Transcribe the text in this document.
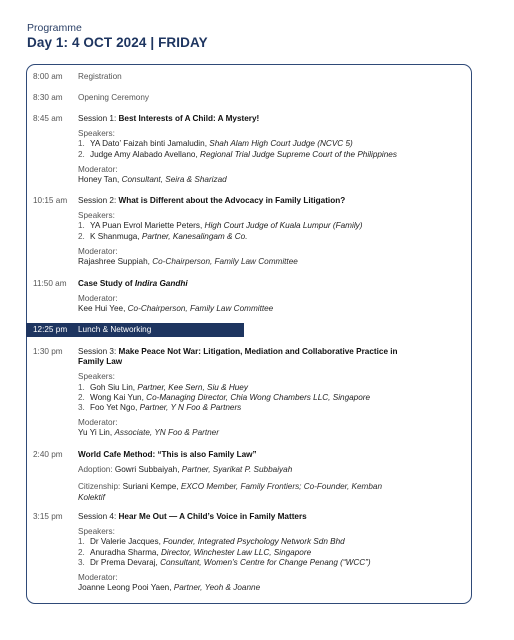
Programme
Day 1: 4 OCT 2024 | FRIDAY
8:00 am	Registration
8:30 am	Opening Ceremony
8:45 am	Session 1: Best Interests of A Child: A Mystery!
Speakers:
1. YA Dato’ Faizah binti Jamaludin, Shah Alam High Court Judge (NCVC 5)
2. Judge Amy Alabado Avellano, Regional Trial Judge Supreme Court of the Philippines
Moderator:
Honey Tan, Consultant, Seira & Sharizad
10:15 am	Session 2: What is Different about the Advocacy in Family Litigation?
Speakers:
1. YA Puan Evrol Mariette Peters, High Court Judge of Kuala Lumpur (Family)
2. K Shanmuga, Partner, Kanesalingam & Co.
Moderator:
Rajashree Suppiah, Co-Chairperson, Family Law Committee
11:50 am	Case Study of Indira Gandhi
Moderator:
Kee Hui Yee, Co-Chairperson, Family Law Committee
12:25 pm Lunch & Networking
1:30 pm	Session 3: Make Peace Not War: Litigation, Mediation and Collaborative Practice in
Family Law
Speakers:
1. Goh Siu Lin, Partner, Kee Sern, Siu & Huey
2. Wong Kai Yun, Co-Managing Director, Chia Wong Chambers LLC, Singapore
3. Foo Yet Ngo, Partner, Y N Foo & Partners
Moderator:
Yu Yi Lin, Associate, YN Foo & Partner
2:40 pm	World Cafe Method: “This is also Family Law”
Adoption: Gowri Subbaiyah, Partner, Syarikat P. Subbaiyah
Citizenship: Suriani Kempe, EXCO Member, Family Frontiers; Co-Founder, Kemban
Kolektif
3:15 pm	Session 4: Hear Me Out — A Child’s Voice in Family Matters
Speakers:
1. Dr Valerie Jacques, Founder, Integrated Psychology Network Sdn Bhd
2. Anuradha Sharma, Director, Winchester Law LLC, Singapore
3. Dr Prema Devaraj, Consultant, Women’s Centre for Change Penang (“WCC”)
Moderator:
Joanne Leong Pooi Yaen, Partner, Yeoh & Joanne
